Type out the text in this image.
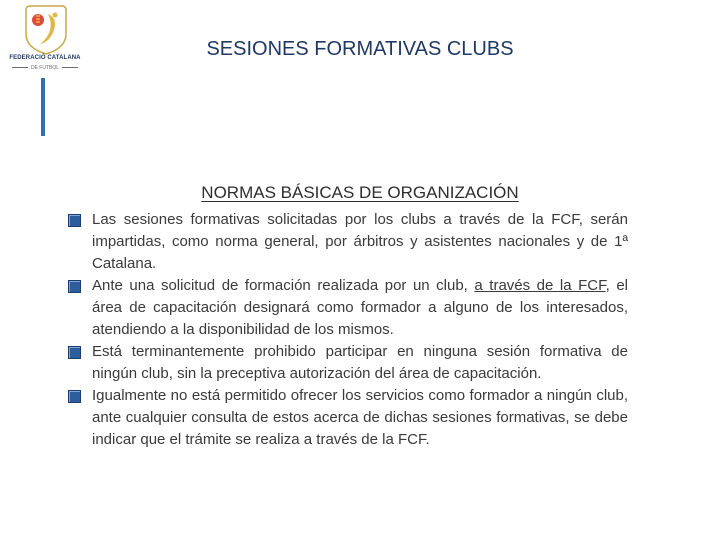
FEDERACIÓ CATALANA
DE FUTBOL
SESIONES FORMATIVAS CLUBS
NORMAS BÁSICAS DE ORGANIZACIÓN
Las sesiones formativas solicitadas por los clubs a través de la FCF, serán impartidas, como norma general, por árbitros y asistentes nacionales y de 1ª Catalana.
Ante una solicitud de formación realizada por un club, a través de la FCF, el área de capacitación designará como formador a alguno de los interesados, atendiendo a la disponibilidad de los mismos.
Está terminantemente prohibido participar en ninguna sesión formativa de ningún club, sin la preceptiva autorización del área de capacitación.
Igualmente no está permitido ofrecer los servicios como formador a ningún club, ante cualquier consulta de estos acerca de dichas sesiones formativas, se debe indicar que el trámite se realiza a través de la FCF.
